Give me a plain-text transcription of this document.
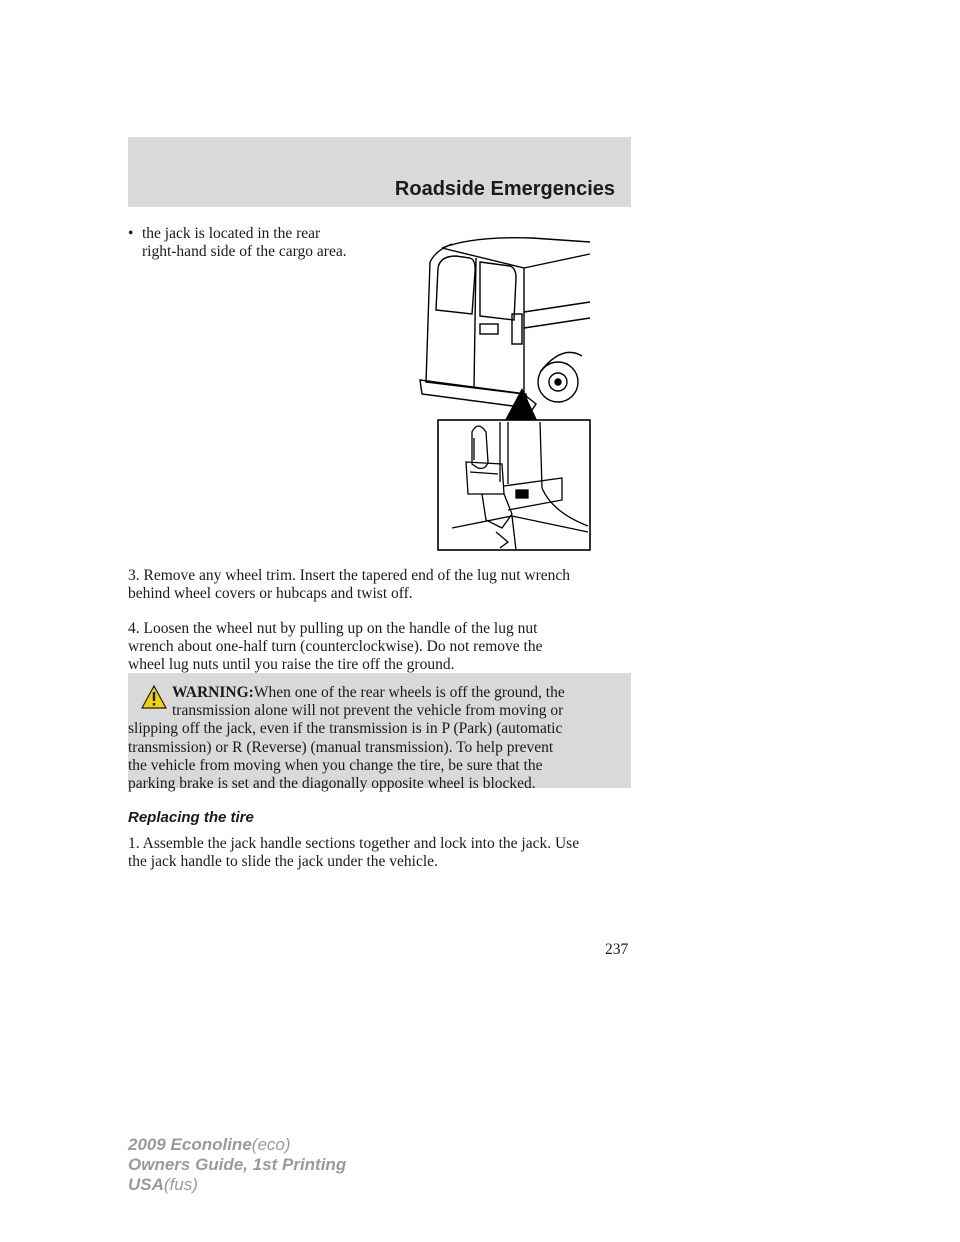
Roadside Emergencies
• the jack is located in the rear
right-hand side of the cargo area.
3. Remove any wheel trim. Insert the tapered end of the lug nut wrench
behind wheel covers or hubcaps and twist off.
4. Loosen the wheel nut by pulling up on the handle of the lug nut
wrench about one-half turn (counterclockwise). Do not remove the
wheel lug nuts until you raise the tire off the ground.
WARNING:When one of the rear wheels is off the ground, the
transmission alone will not prevent the vehicle from moving or
slipping off the jack, even if the transmission is in P (Park) (automatic
transmission) or R (Reverse) (manual transmission). To help prevent
the vehicle from moving when you change the tire, be sure that the
parking brake is set and the diagonally opposite wheel is blocked.
Replacing the tire
1. Assemble the jack handle sections together and lock into the jack. Use
the jack handle to slide the jack under the vehicle.
237
2009 Econoline(eco)
Owners Guide, 1st Printing
USA(fus)
